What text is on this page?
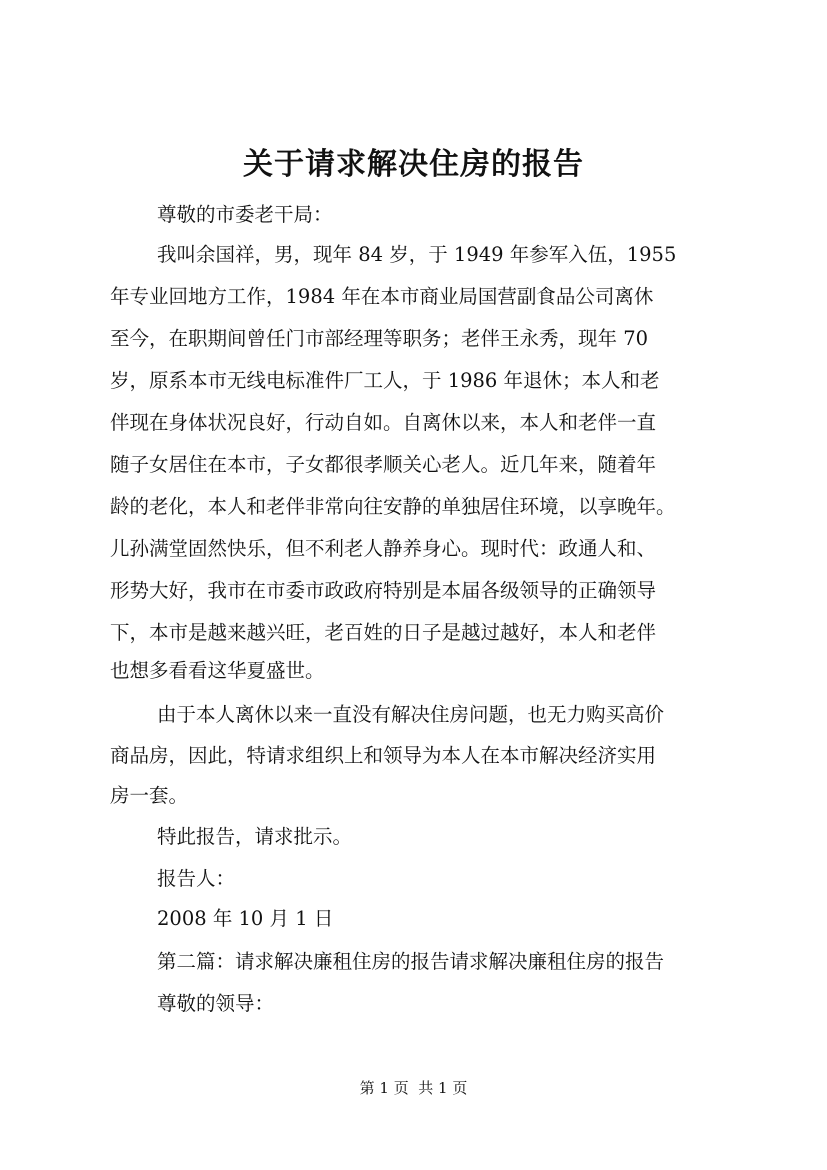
关于请求解决住房的报告
尊敬的市委老干局：
我叫余国祥，男，现年 84 岁，于 1949 年参军入伍，1955
年专业回地方工作，1984 年在本市商业局国营副食品公司离休
至今，在职期间曾任门市部经理等职务；老伴王永秀，现年 70
岁，原系本市无线电标准件厂工人，于 1986 年退休；本人和老
伴现在身体状况良好，行动自如。自离休以来，本人和老伴一直
随子女居住在本市，子女都很孝顺关心老人。近几年来，随着年
龄的老化，本人和老伴非常向往安静的单独居住环境，以享晚年。
儿孙满堂固然快乐，但不利老人静养身心。现时代：政通人和、
形势大好，我市在市委市政政府特别是本届各级领导的正确领导
下，本市是越来越兴旺，老百姓的日子是越过越好，本人和老伴
也想多看看这华夏盛世。
由于本人离休以来一直没有解决住房问题，也无力购买高价
商品房，因此，特请求组织上和领导为本人在本市解决经济实用
房一套。
特此报告，请求批示。
报告人：
2008 年 10 月 1 日
第二篇：请求解决廉租住房的报告请求解决廉租住房的报告
尊敬的领导：
第 1 页  共 1 页
